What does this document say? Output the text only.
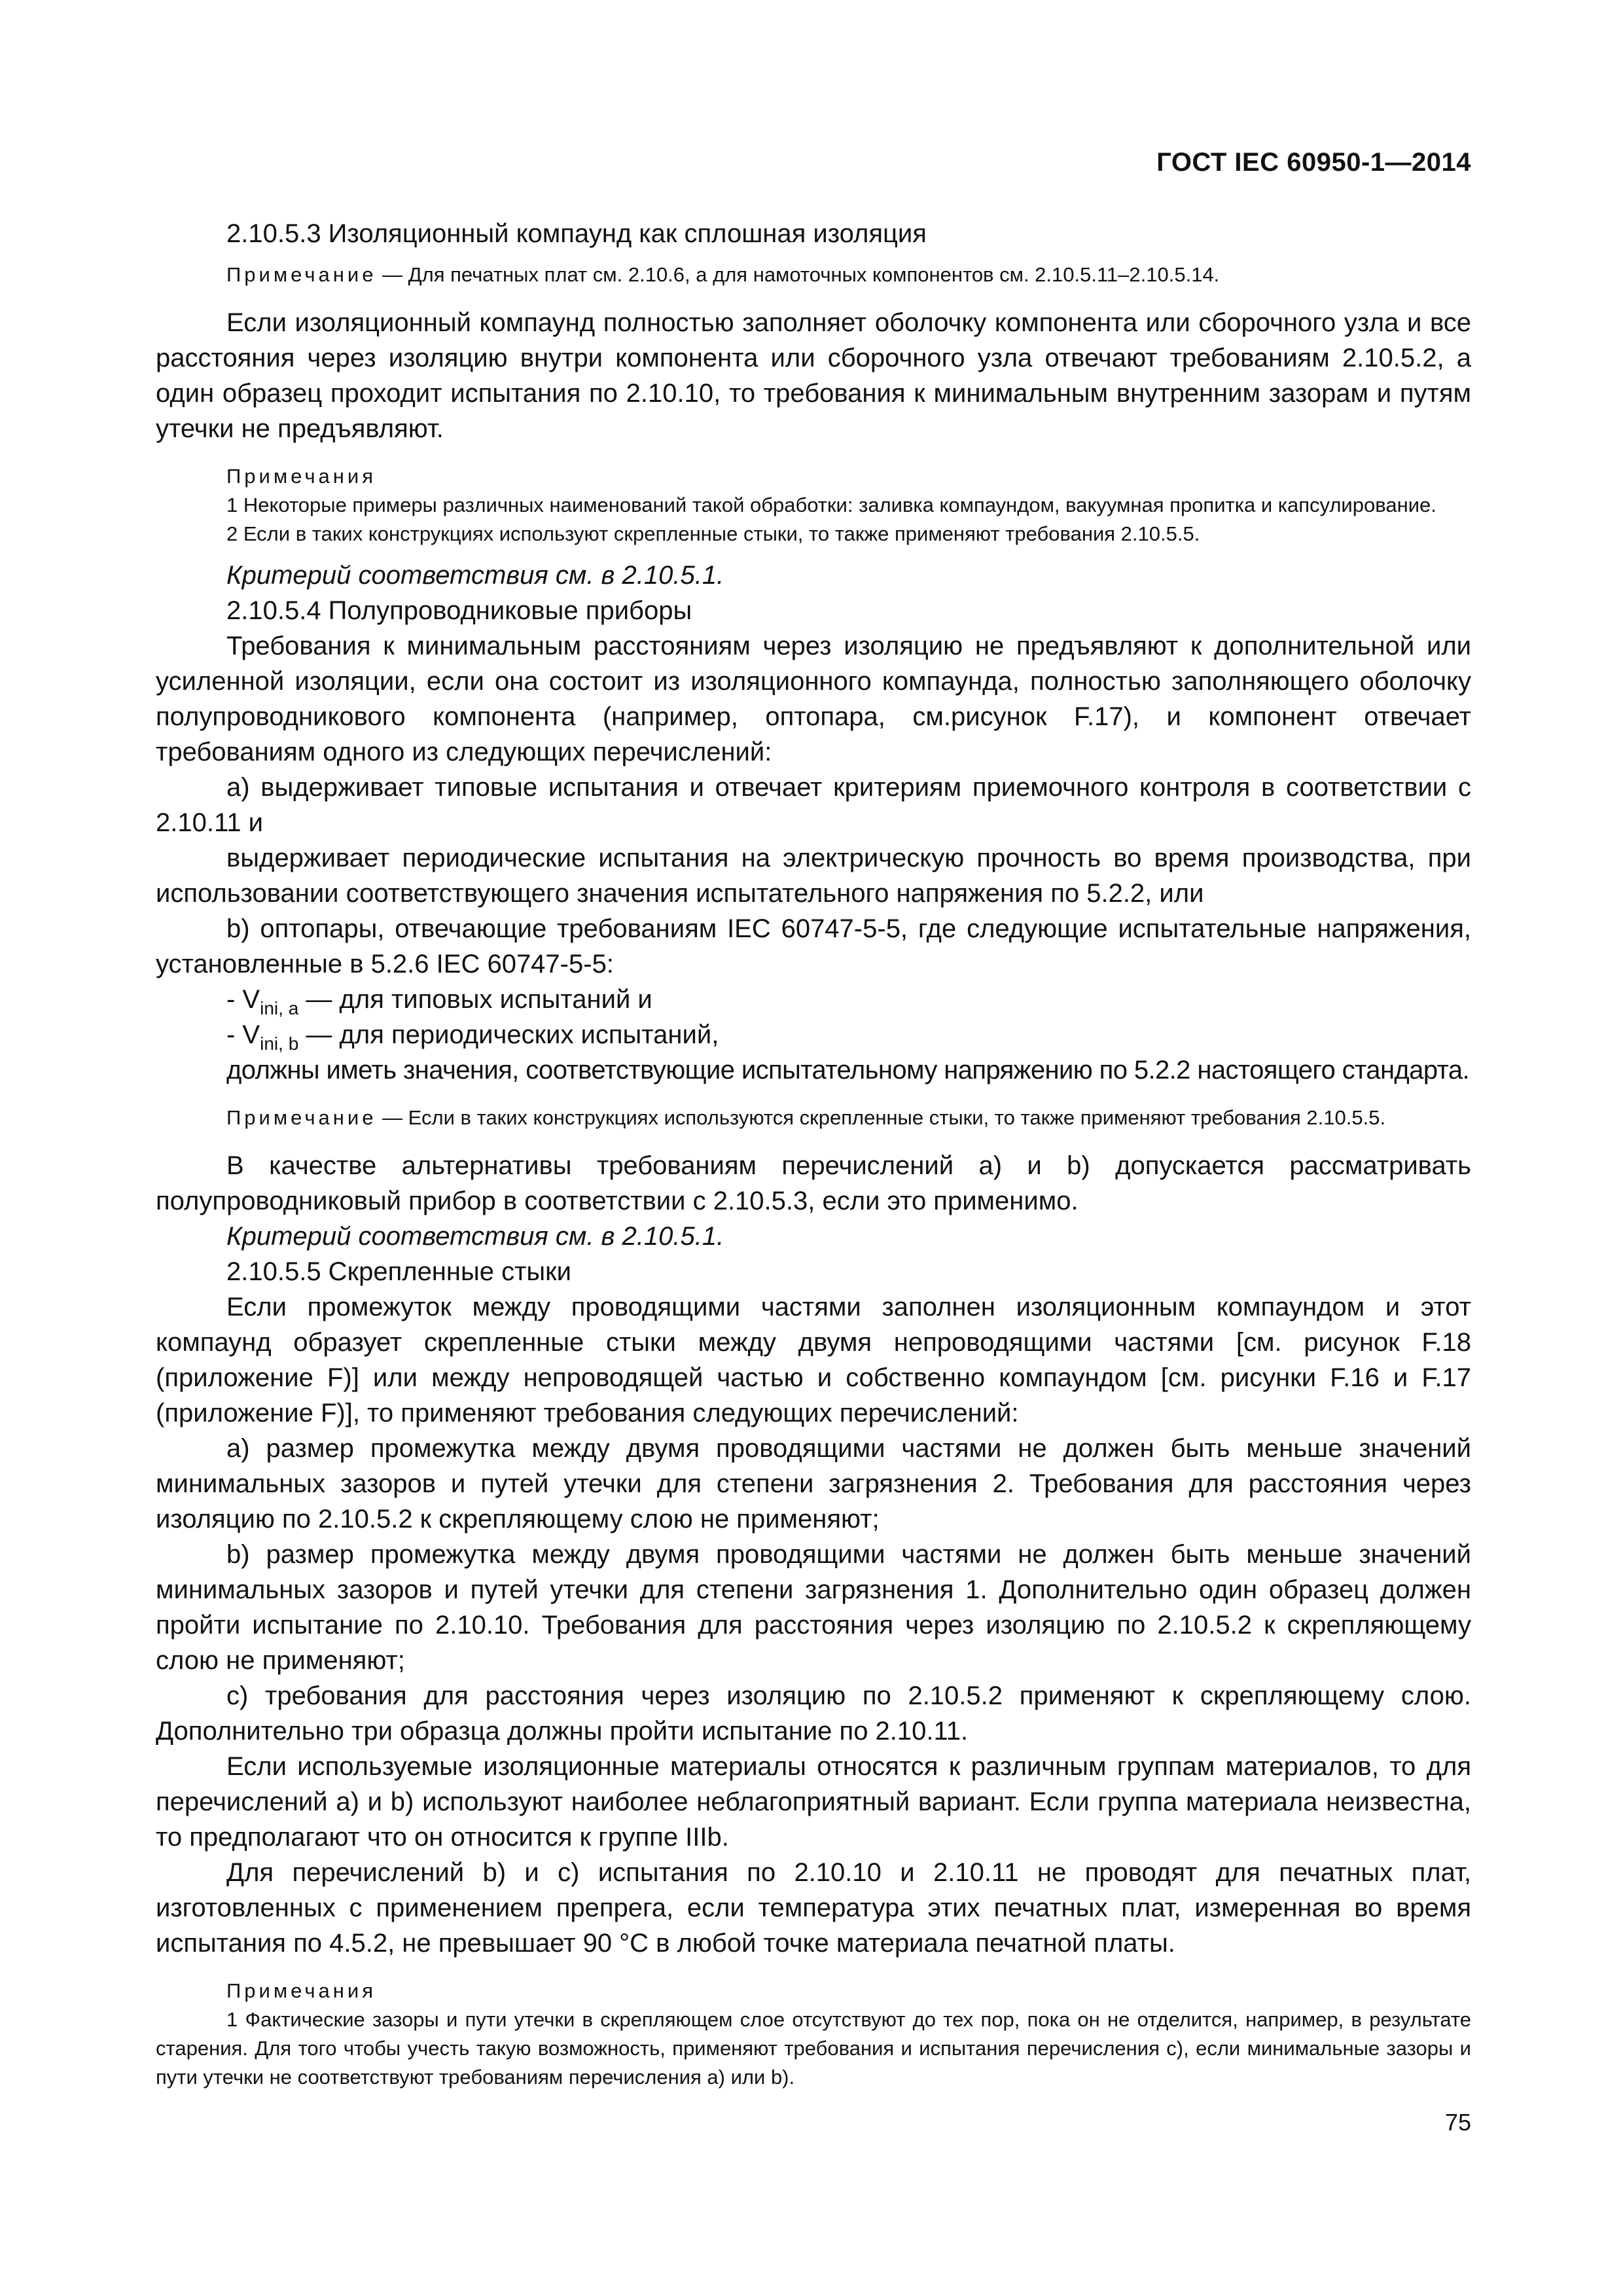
ГОСТ IEC 60950-1—2014

2.10.5.3 Изоляционный компаунд как сплошная изоляция

Примечание — Для печатных плат см. 2.10.6, а для намоточных компонентов см. 2.10.5.11–2.10.5.14.

Если изоляционный компаунд полностью заполняет оболочку компонента или сборочного узла и все расстояния через изоляцию внутри компонента или сборочного узла отвечают требованиям 2.10.5.2, а один образец проходит испытания по 2.10.10, то требования к минимальным внутренним зазорам и путям утечки не предъявляют.

Примечания

1 Некоторые примеры различных наименований такой обработки: заливка компаундом, вакуумная пропитка и капсулирование.

2 Если в таких конструкциях используют скрепленные стыки, то также применяют требования 2.10.5.5.

Критерий соответствия см. в 2.10.5.1.

2.10.5.4 Полупроводниковые приборы

Требования к минимальным расстояниям через изоляцию не предъявляют к дополнительной или усиленной изоляции, если она состоит из изоляционного компаунда, полностью заполняющего оболочку полупроводникового компонента (например, оптопара, см.рисунок F.17), и компонент отвечает требованиям одного из следующих перечислений:

a) выдерживает типовые испытания и отвечает критериям приемочного контроля в соответствии с 2.10.11 и

выдерживает периодические испытания на электрическую прочность во время производства, при использовании соответствующего значения испытательного напряжения по 5.2.2, или

b) оптопары, отвечающие требованиям IEC 60747-5-5, где следующие испытательные напряжения, установленные в 5.2.6 IEC 60747-5-5:

- $V_{ini, a}$ — для типовых испытаний и

- $V_{ini, b}$ — для периодических испытаний,

должны иметь значения, соответствующие испытательному напряжению по 5.2.2 настоящего стандарта.

Примечание — Если в таких конструкциях используются скрепленные стыки, то также применяют требования 2.10.5.5.

В качестве альтернативы требованиям перечислений a) и b) допускается рассматривать полупроводниковый прибор в соответствии с 2.10.5.3, если это применимо.

Критерий соответствия см. в 2.10.5.1.

2.10.5.5 Скрепленные стыки

Если промежуток между проводящими частями заполнен изоляционным компаундом и этот компаунд образует скрепленные стыки между двумя непроводящими частями [см. рисунок F.18 (приложение F)] или между непроводящей частью и собственно компаундом [см. рисунки F.16 и F.17 (приложение F)], то применяют требования следующих перечислений:

a) размер промежутка между двумя проводящими частями не должен быть меньше значений минимальных зазоров и путей утечки для степени загрязнения 2. Требования для расстояния через изоляцию по 2.10.5.2 к скрепляющему слою не применяют;

b) размер промежутка между двумя проводящими частями не должен быть меньше значений минимальных зазоров и путей утечки для степени загрязнения 1. Дополнительно один образец должен пройти испытание по 2.10.10. Требования для расстояния через изоляцию по 2.10.5.2 к скрепляющему слою не применяют;

c) требования для расстояния через изоляцию по 2.10.5.2 применяют к скрепляющему слою. Дополнительно три образца должны пройти испытание по 2.10.11.

Если используемые изоляционные материалы относятся к различным группам материалов, то для перечислений a) и b) используют наиболее неблагоприятный вариант. Если группа материала неизвестна, то предполагают что он относится к группе IIIb.

Для перечислений b) и c) испытания по 2.10.10 и 2.10.11 не проводят для печатных плат, изготовленных с применением препрега, если температура этих печатных плат, измеренная во время испытания по 4.5.2, не превышает 90 °C в любой точке материала печатной платы.

Примечания

1 Фактические зазоры и пути утечки в скрепляющем слое отсутствуют до тех пор, пока он не отделится, например, в результате старения. Для того чтобы учесть такую возможность, применяют требования и испытания перечисления c), если минимальные зазоры и пути утечки не соответствуют требованиям перечисления a) или b).

75
